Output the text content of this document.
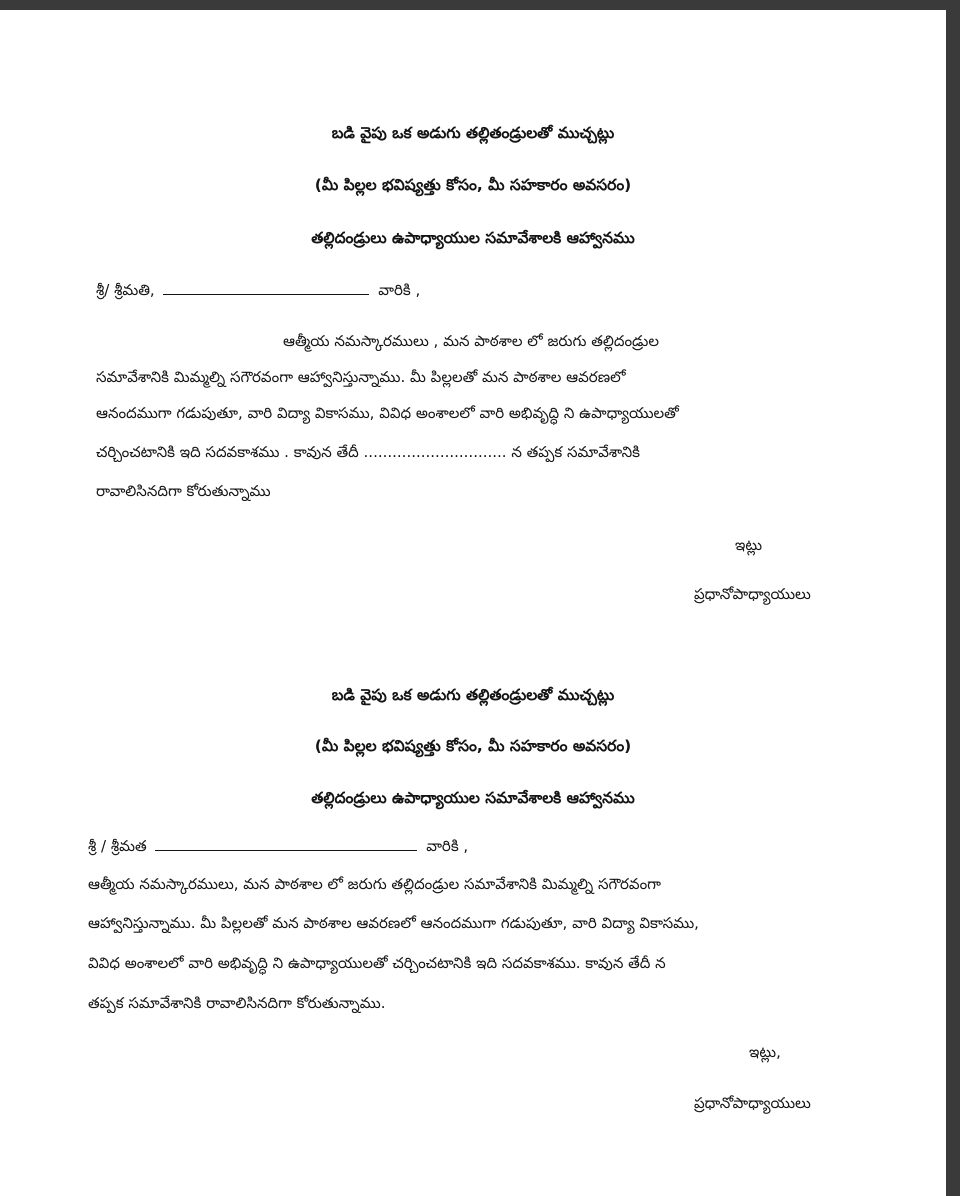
బడి వైపు ఒక అడుగు తల్లితండ్రులతో ముచ్చట్లు
(మీ పిల్లల భవిష్యత్తు కోసం, మీ సహకారం అవసరం)
తల్లిదండ్రులు ఉపాధ్యాయుల సమావేశాలకి ఆహ్వానము
శ్రీ/ శ్రీమతి,	వారికి ,
ఆత్మీయ నమస్కారములు , మన పాఠశాల లో జరుగు తల్లిదండ్రుల
సమావేశానికి మిమ్మల్ని సగౌరవంగా ఆహ్వానిస్తున్నాము. మీ పిల్లలతో మన పాఠశాల ఆవరణలో
ఆనందముగా గడుపుతూ, వారి విద్యా వికాసము, వివిధ అంశాలలో వారి అభివృద్ధి ని ఉపాధ్యాయులతో
చర్చించటానికి ఇది సదవకాశము . కావున తేదీ .............................. న తప్పక సమావేశానికి
రావాలిసినదిగా కోరుతున్నాము
ఇట్లు
ప్రధానోపాధ్యాయులు
బడి వైపు ఒక అడుగు తల్లితండ్రులతో ముచ్చట్లు
(మీ పిల్లల భవిష్యత్తు కోసం, మీ సహకారం అవసరం)
తల్లిదండ్రులు ఉపాధ్యాయుల సమావేశాలకి ఆహ్వానము
శ్రీ / శ్రీమత	వారికి ,
ఆత్మీయ నమస్కారములు, మన పాఠశాల లో జరుగు తల్లిదండ్రుల సమావేశానికి మిమ్మల్ని సగౌరవంగా
ఆహ్వానిస్తున్నాము. మీ పిల్లలతో మన పాఠశాల ఆవరణలో ఆనందముగా గడుపుతూ, వారి విద్యా వికాసము,
వివిధ అంశాలలో వారి అభివృద్ధి ని ఉపాధ్యాయులతో చర్చించటానికి ఇది సదవకాశము. కావున తేదీ న
తప్పక సమావేశానికి రావాలిసినదిగా కోరుతున్నాము.
ఇట్లు,
ప్రధానోపాధ్యాయులు
